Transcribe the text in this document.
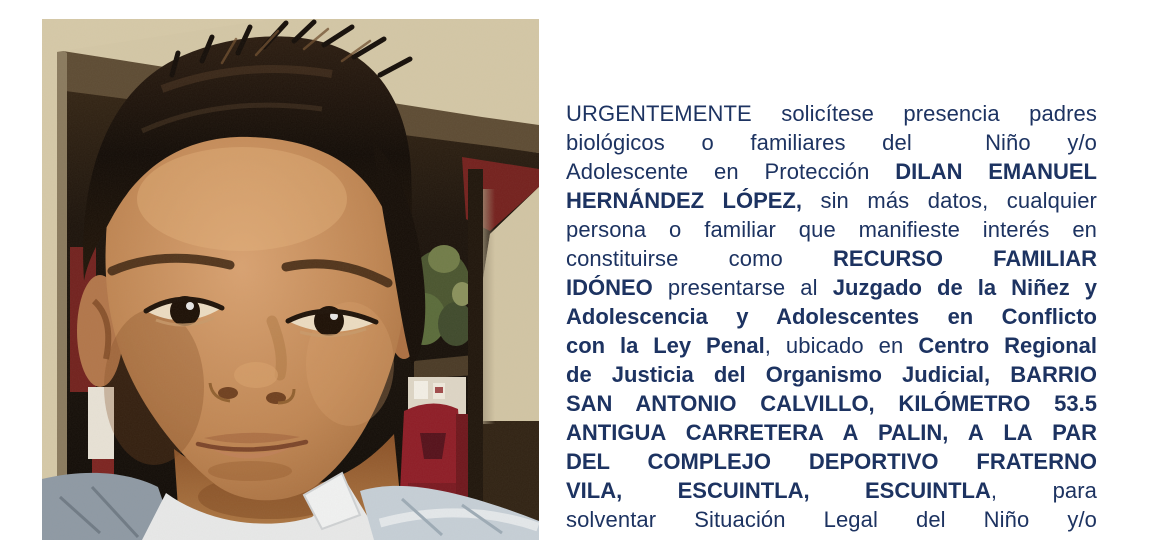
URGENTEMENTE solicítese presencia padres
biológicos o familiares del  Niño y/o
Adolescente en Protección DILAN EMANUEL
HERNÁNDEZ LÓPEZ, sin más datos, cualquier
persona o familiar que manifieste interés en
constituirse como RECURSO FAMILIAR
IDÓNEO presentarse al Juzgado de la Niñez y
Adolescencia y Adolescentes en Conflicto
con la Ley Penal, ubicado en Centro Regional
de Justicia del Organismo Judicial, BARRIO
SAN ANTONIO CALVILLO, KILÓMETRO 53.5
ANTIGUA CARRETERA A PALIN, A LA PAR
DEL COMPLEJO DEPORTIVO FRATERNO
VILA, ESCUINTLA, ESCUINTLA, para
solventar Situación Legal del Niño y/o
